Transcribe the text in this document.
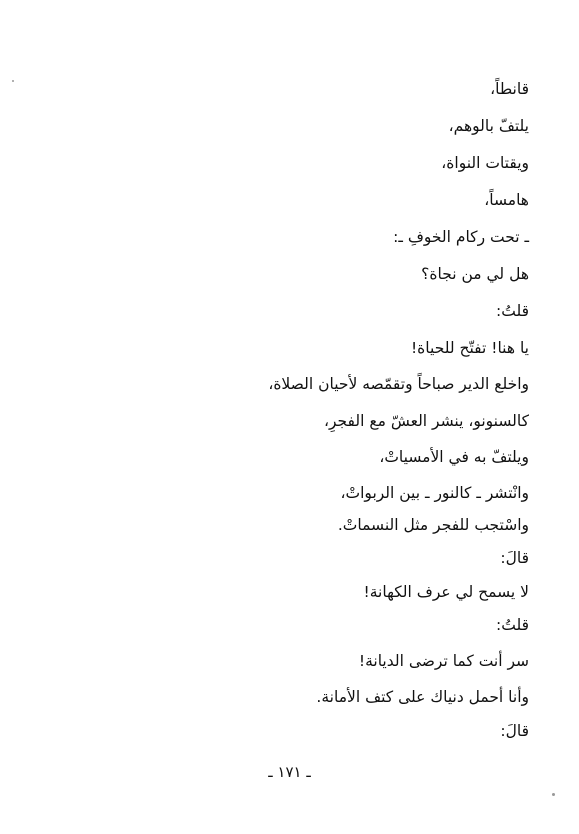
قانطاً،
يلتفّ بالوهم،
ويقتات النواة،
هامساً،
ـ تحت ركام الخوفِ ـ:
هل لي من نجاة؟
قلتُ:
يا هنا! تفتّح للحياة!
واخلع الدير صباحاً وتقمّصه لأحيان الصلاة،
كالسنونو، ينشر العشّ مع الفجرِ،
ويلتفّ به في الأمسياتْ،
وانْتشر ـ كالنور ـ بين الربواتْ،
واسْتجب للفجر مثل النسماتْ.
قالَ:
لا يسمح لي عرف الكهانة!
قلتُ:
سر أنت كما ترضى الديانة!
وأنا أحمل دنياك على كتف الأمانة.
قالَ:
ـ ١٧١ ـ
